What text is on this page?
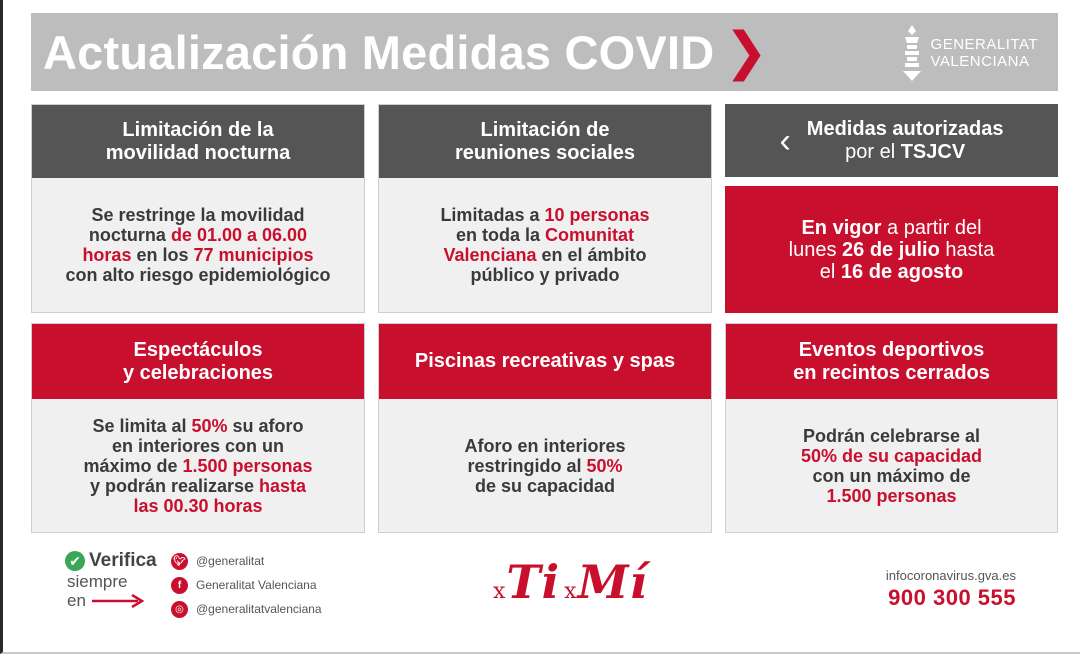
Actualización Medidas COVID ❯	GENERALITAT
VALENCIANA
Limitación de la
movilidad nocturna
Se restringe la movilidad
nocturna de 01.00 a 06.00
horas en los 77 municipios
con alto riesgo epidemiológico
Limitación de
reuniones sociales
Limitadas a 10 personas
en toda la Comunitat
Valenciana en el ámbito
público y privado
‹ Medidas autorizadas
por el TSJCV
En vigor a partir del
lunes 26 de julio hasta
el 16 de agosto
Espectáculos
y celebraciones
Se limita al 50% su aforo
en interiores con un
máximo de 1.500 personas
y podrán realizarse hasta
las 00.30 horas
Piscinas recreativas y spas
Aforo en interiores
restringido al 50%
de su capacidad
Eventos deportivos
en recintos cerrados
Podrán celebrarse al
50% de su capacidad
con un máximo de
1.500 personas
✔ Verifica
siempre
en
🐦︎ @generalitat
f	Generalitat Valenciana
◎	@generalitatvalenciana
xTi xMí	infocoronavirus.gva.es
900 300 555
